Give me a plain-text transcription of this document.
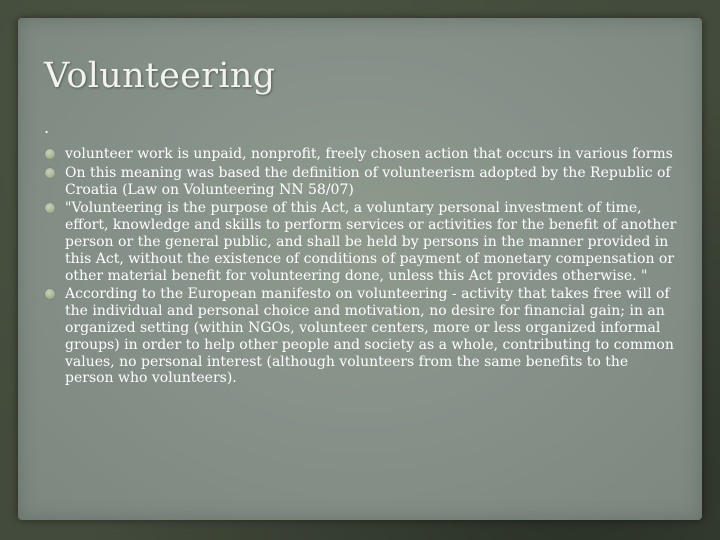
Volunteering
.
volunteer work is unpaid, nonprofit, freely chosen action that occurs in various forms
On this meaning was based the definition of volunteerism adopted by the Republic of Croatia (Law on Volunteering NN 58/07)
"Volunteering is the purpose of this Act, a voluntary personal investment of time, effort, knowledge and skills to perform services or activities for the benefit of another person or the general public, and shall be held by persons in the manner provided in this Act, without the existence of conditions of payment of monetary compensation or other material benefit for volunteering done, unless this Act provides otherwise. "
According to the European manifesto on volunteering - activity that takes free will of the individual and personal choice and motivation, no desire for financial gain; in an organized setting (within NGOs, volunteer centers, more or less organized informal groups) in order to help other people and society as a whole, contributing to common values, no personal interest (although volunteers from the same benefits to the person who volunteers).
